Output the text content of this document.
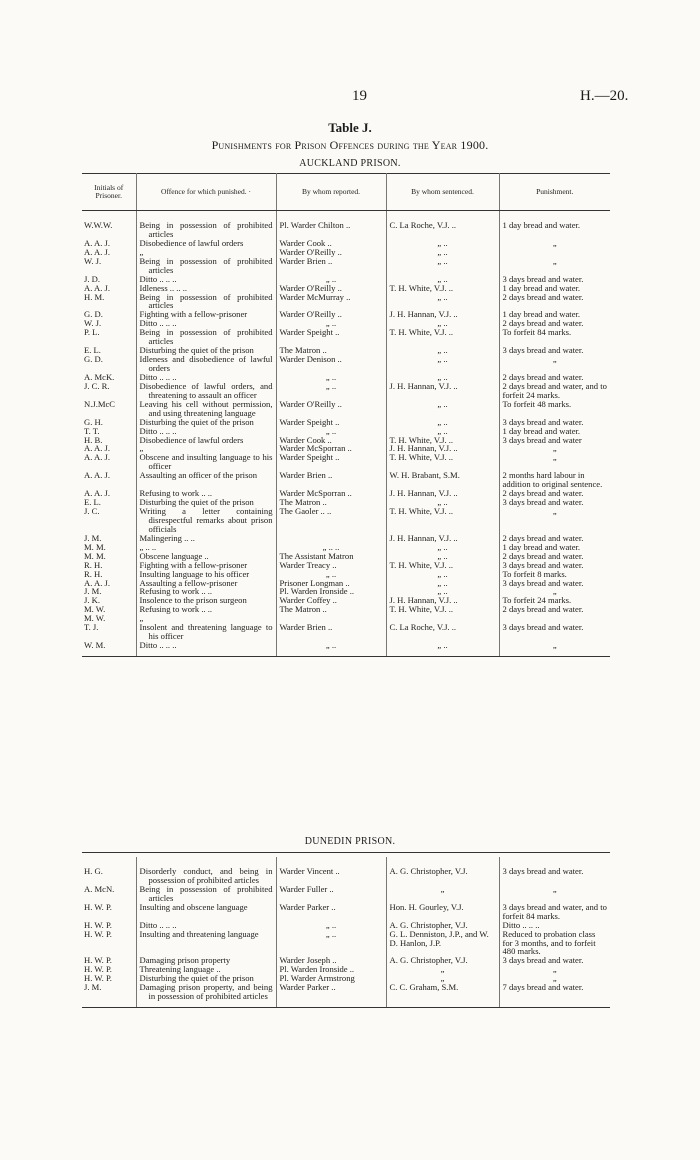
19	H.—20.
Table J.
Punishments for Prison Offences during the Year 1900.
AUCKLAND PRISON.
Initials of Prisoner.	Offence for which punished. ·	By whom reported.	By whom sentenced.	Punishment.

W.W.W.	Being in possession of prohibited articles	Pl. Warder Chilton ..	C. La Roche, V.J. ..	1 day bread and water.
A. A. J.	Disobedience of lawful orders	Warder Cook ..	„ ..	„
A. A. J.	„	Warder O'Reilly ..	„ ..	
W. J.	Being in possession of prohibited articles	Warder Brien ..	„ ..	„
J. D.	Ditto .. .. ..	„ ..	„ ..	3 days bread and water.
A. A. J.	Idleness .. .. ..	Warder O'Reilly ..	T. H. White, V.J. ..	1 day bread and water.
H. M.	Being in possession of prohibited articles	Warder McMurray ..	„ ..	2 days bread and water.
G. D.	Fighting with a fellow-prisoner	Warder O'Reilly ..	J. H. Hannan, V.J. ..	1 day bread and water.
W. J.	Ditto .. .. ..	„ ..	„ ..	2 days bread and water.
P. L.	Being in possession of prohibited articles	Warder Speight ..	T. H. White, V.J. ..	To forfeit 84 marks.
E. L.	Disturbing the quiet of the prison	The Matron ..	„ ..	3 days bread and water.
G. D.	Idleness and disobedience of lawful orders	Warder Denison ..	„ ..	„
A. McK.	Ditto .. .. ..	„ ..	„ ..	2 days bread and water.
J. C. R.	Disobedience of lawful orders, and threatening to assault an officer	„ ..	J. H. Hannan, V.J. ..	2 days bread and water, and to forfeit 24 marks.
N.J.McC	Leaving his cell without permission, and using threatening language	Warder O'Reilly ..	„ ..	To forfeit 48 marks.
G. H.	Disturbing the quiet of the prison	Warder Speight ..	„ ..	3 days bread and water.
T. T.	Ditto .. .. ..	„ ..	„ ..	1 day bread and water.
H. B.	Disobedience of lawful orders	Warder Cook ..	T. H. White, V.J. ..	3 days bread and water
A. A. J.	„	Warder McSporran ..	J. H. Hannan, V.J. ..	„
A. A. J.	Obscene and insulting language to his officer	Warder Speight ..	T. H. White, V.J. ..	„
A. A. J.	Assaulting an officer of the prison	Warder Brien ..	W. H. Brabant, S.M.	2 months hard labour in addition to original sentence.
A. A. J.	Refusing to work .. ..	Warder McSporran ..	J. H. Hannan, V.J. ..	2 days bread and water.
E. L.	Disturbing the quiet of the prison	The Matron ..	„ ..	3 days bread and water.
J. C.	Writing a letter containing disrespectful remarks about prison officials	The Gaoler .. ..	T. H. White, V.J. ..	„
J. M.	Malingering .. ..		J. H. Hannan, V.J. ..	2 days bread and water.
M. M.	„ .. ..	„ .. ..	„ ..	1 day bread and water.
M. M.	Obscene language ..	The Assistant Matron	„ ..	2 days bread and water.
R. H.	Fighting with a fellow-prisoner	Warder Treacy ..	T. H. White, V.J. ..	3 days bread and water.
R. H.	Insulting language to his officer	„ ..	„ ..	To forfeit 8 marks.
A. A. J.	Assaulting a fellow-prisoner	Prisoner Longman ..	„ ..	3 days bread and water.
J. M.	Refusing to work .. ..	Pl. Warden Ironside ..	„ ..	„
J. K.	Insolence to the prison surgeon	Warder Coffey ..	J. H. Hannan, V.J. ..	To forfeit 24 marks.
M. W.	Refusing to work .. ..	The Matron ..	T. H. White, V.J. ..	2 days bread and water.
M. W.	„			
T. J.	Insolent and threatening language to his officer	Warder Brien ..	C. La Roche, V.J. ..	3 days bread and water.
W. M.	Ditto .. .. ..	„ ..	„ ..	„

DUNEDIN PRISON.

H. G.	Disorderly conduct, and being in possession of prohibited articles	Warder Vincent ..	A. G. Christopher, V.J.	3 days bread and water.
A. McN.	Being in possession of prohibited articles	Warder Fuller ..	„	„
H. W. P.	Insulting and obscene language	Warder Parker ..	Hon. H. Gourley, V.J.	3 days bread and water, and to forfeit 84 marks.
H. W. P.	Ditto .. .. ..	„ ..	A. G. Christopher, V.J.	Ditto .. .. ..
H. W. P.	Insulting and threatening language	„ ..	G. L. Denniston, J.P., and W. D. Hanlon, J.P.	Reduced to probation class for 3 months, and to forfeit 480 marks.
H. W. P.	Damaging prison property	Warder Joseph ..	A. G. Christopher, V.J.	3 days bread and water.
H. W. P.	Threatening language ..	Pl. Warden Ironside ..	„	„
H. W. P.	Disturbing the quiet of the prison	Pl. Warder Armstrong	„	„
J. M.	Damaging prison property, and being in possession of prohibited articles	Warder Parker ..	C. C. Graham, S.M.	7 days bread and water.
